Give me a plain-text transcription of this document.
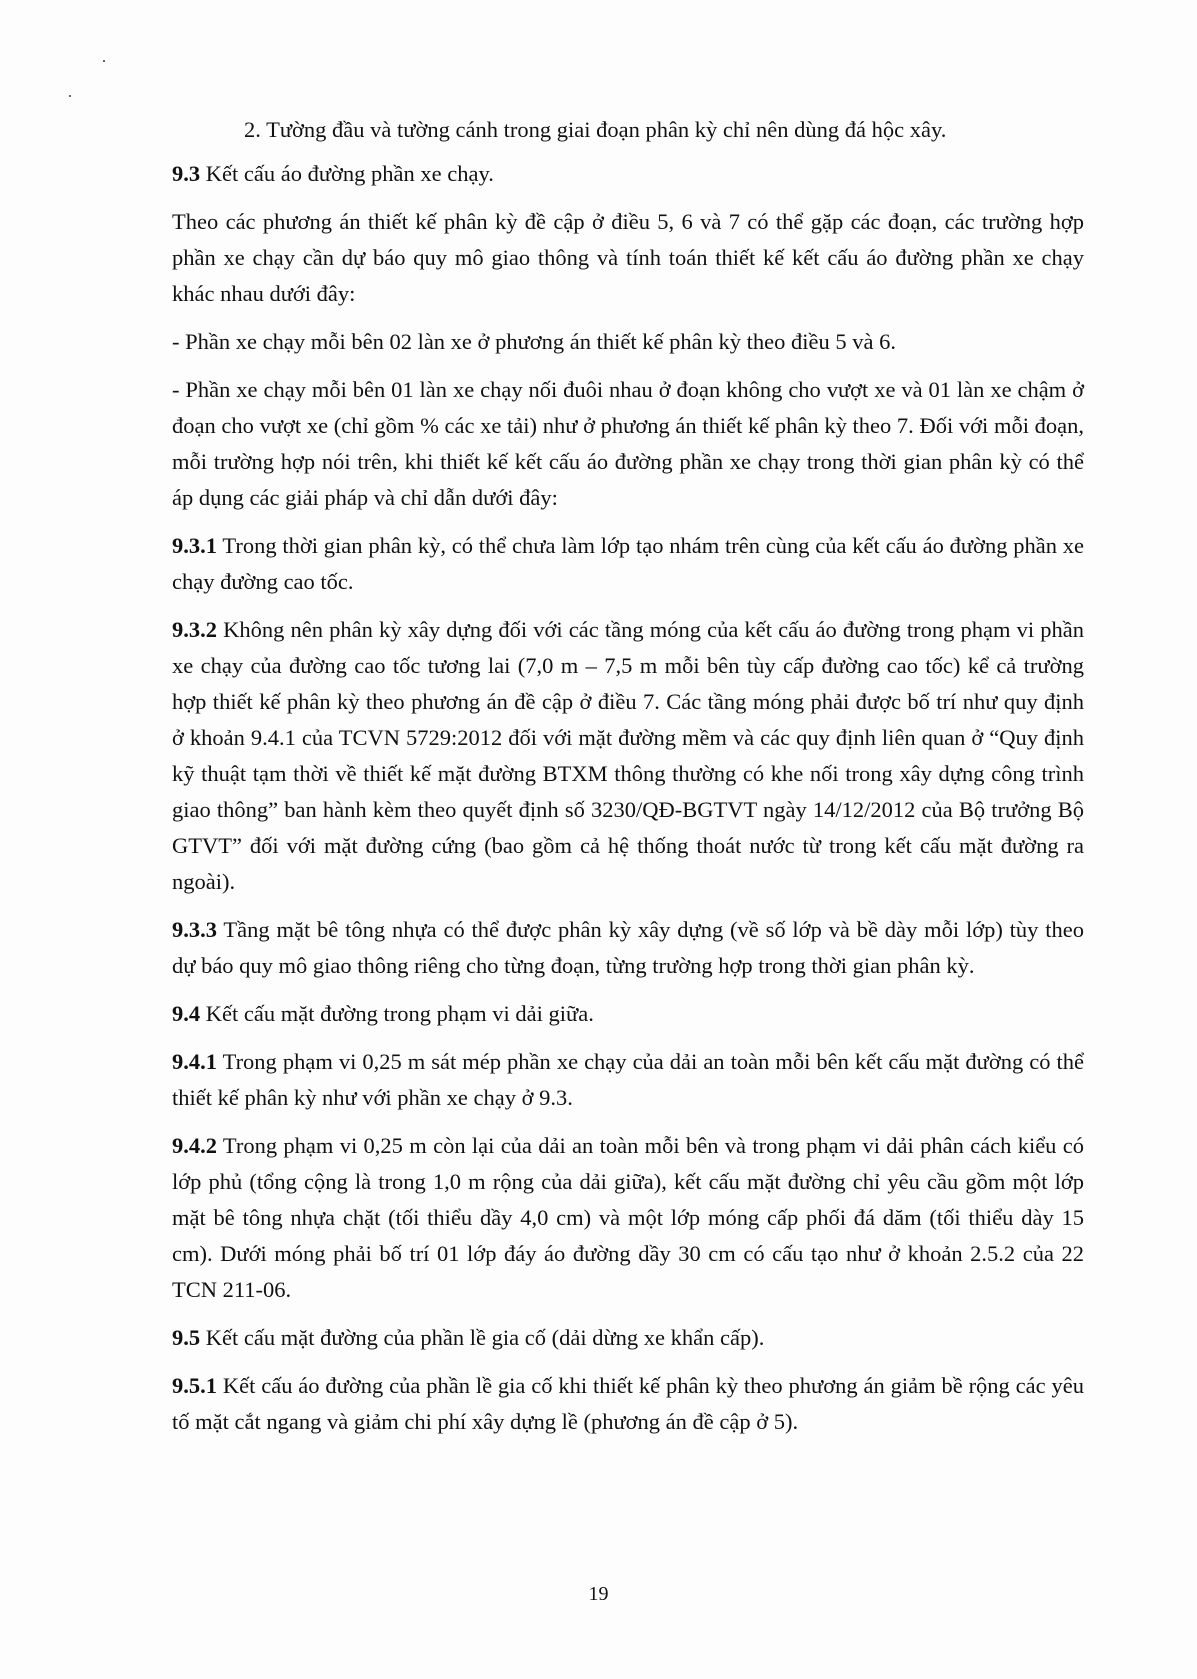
2. Tường đầu và tường cánh trong giai đoạn phân kỳ chỉ nên dùng đá hộc xây.

9.3 Kết cấu áo đường phần xe chạy.

Theo các phương án thiết kế phân kỳ đề cập ở điều 5, 6 và 7 có thể gặp các đoạn, các trường hợp phần xe chạy cần dự báo quy mô giao thông và tính toán thiết kế kết cấu áo đường phần xe chạy khác nhau dưới đây:

- Phần xe chạy mỗi bên 02 làn xe ở phương án thiết kế phân kỳ theo điều 5 và 6.

- Phần xe chạy mỗi bên 01 làn xe chạy nối đuôi nhau ở đoạn không cho vượt xe và 01 làn xe chậm ở đoạn cho vượt xe (chỉ gồm % các xe tải) như ở phương án thiết kế phân kỳ theo 7. Đối với mỗi đoạn, mỗi trường hợp nói trên, khi thiết kế kết cấu áo đường phần xe chạy trong thời gian phân kỳ có thể áp dụng các giải pháp và chỉ dẫn dưới đây:

9.3.1 Trong thời gian phân kỳ, có thể chưa làm lớp tạo nhám trên cùng của kết cấu áo đường phần xe chạy đường cao tốc.

9.3.2 Không nên phân kỳ xây dựng đối với các tầng móng của kết cấu áo đường trong phạm vi phần xe chạy của đường cao tốc tương lai (7,0 m – 7,5 m mỗi bên tùy cấp đường cao tốc) kể cả trường hợp thiết kế phân kỳ theo phương án đề cập ở điều 7. Các tầng móng phải được bố trí như quy định ở khoản 9.4.1 của TCVN 5729:2012 đối với mặt đường mềm và các quy định liên quan ở “Quy định kỹ thuật tạm thời về thiết kế mặt đường BTXM thông thường có khe nối trong xây dựng công trình giao thông” ban hành kèm theo quyết định số 3230/QĐ-BGTVT ngày 14/12/2012 của Bộ trưởng Bộ GTVT” đối với mặt đường cứng (bao gồm cả hệ thống thoát nước từ trong kết cấu mặt đường ra ngoài).

9.3.3 Tầng mặt bê tông nhựa có thể được phân kỳ xây dựng (về số lớp và bề dày mỗi lớp) tùy theo dự báo quy mô giao thông riêng cho từng đoạn, từng trường hợp trong thời gian phân kỳ.

9.4 Kết cấu mặt đường trong phạm vi dải giữa.

9.4.1 Trong phạm vi 0,25 m sát mép phần xe chạy của dải an toàn mỗi bên kết cấu mặt đường có thể thiết kế phân kỳ như với phần xe chạy ở 9.3.

9.4.2 Trong phạm vi 0,25 m còn lại của dải an toàn mỗi bên và trong phạm vi dải phân cách kiểu có lớp phủ (tổng cộng là trong 1,0 m rộng của dải giữa), kết cấu mặt đường chỉ yêu cầu gồm một lớp mặt bê tông nhựa chặt (tối thiểu dầy 4,0 cm) và một lớp móng cấp phối đá dăm (tối thiểu dày 15 cm). Dưới móng phải bố trí 01 lớp đáy áo đường dầy 30 cm có cấu tạo như ở khoản 2.5.2 của 22 TCN 211-06.

9.5 Kết cấu mặt đường của phần lề gia cố (dải dừng xe khẩn cấp).

9.5.1 Kết cấu áo đường của phần lề gia cố khi thiết kế phân kỳ theo phương án giảm bề rộng các yêu tố mặt cắt ngang và giảm chi phí xây dựng lề (phương án đề cập ở 5).

19
